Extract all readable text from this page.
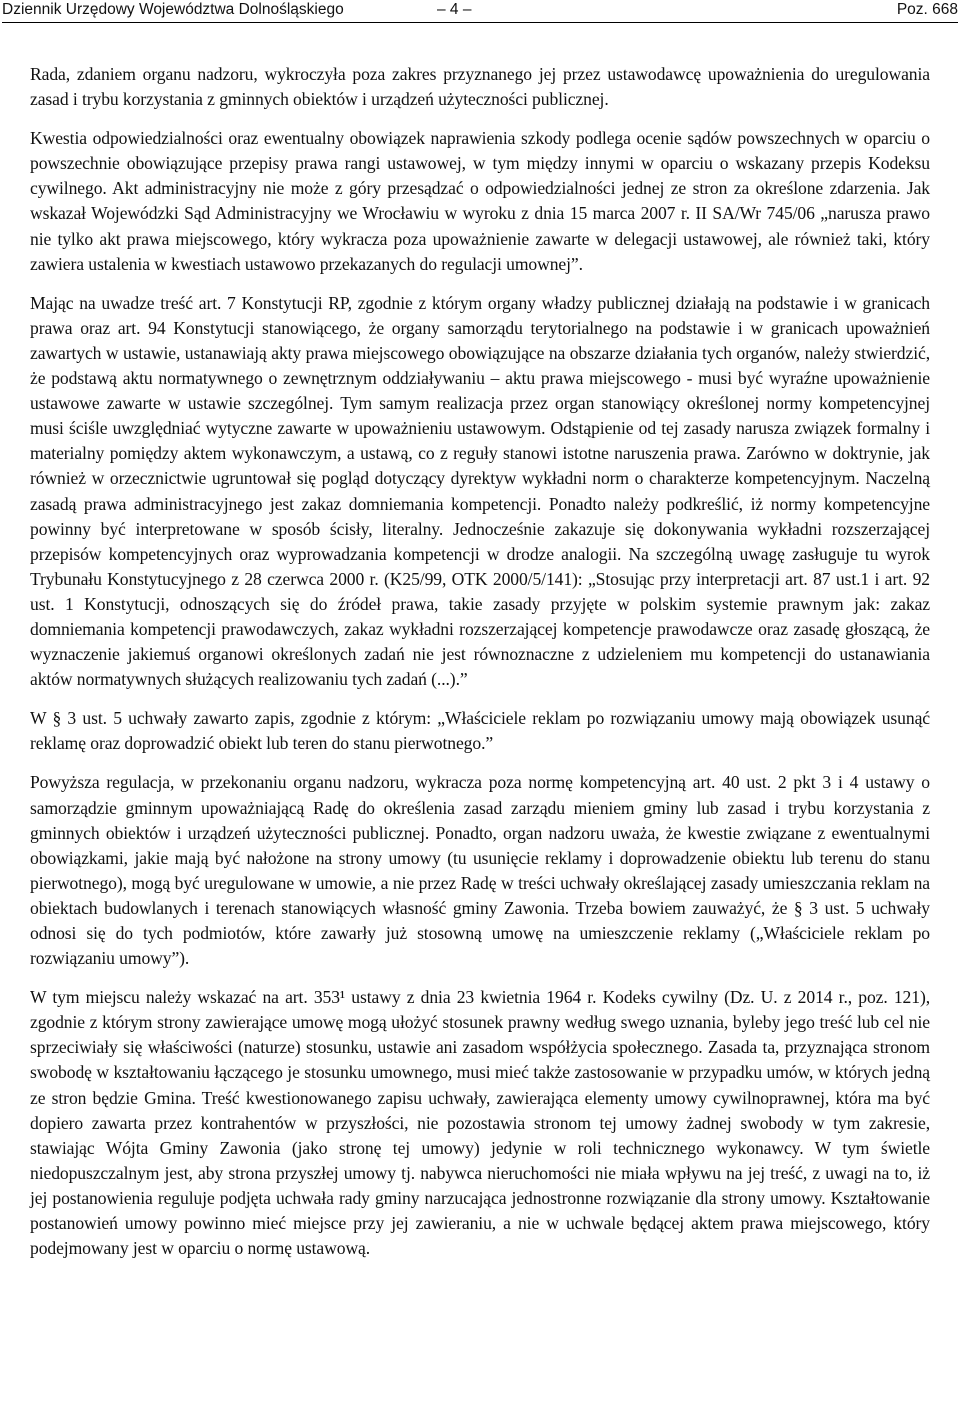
Dziennik Urzędowy Województwa Dolnośląskiego	– 4 –	Poz. 668

Rada, zdaniem organu nadzoru, wykroczyła poza zakres przyznanego jej przez ustawodawcę upoważnienia do uregulowania zasad i trybu korzystania z gminnych obiektów i urządzeń użyteczności publicznej.

Kwestia odpowiedzialności oraz ewentualny obowiązek naprawienia szkody podlega ocenie sądów powszechnych w oparciu o powszechnie obowiązujące przepisy prawa rangi ustawowej, w tym między innymi w oparciu o wskazany przepis Kodeksu cywilnego. Akt administracyjny nie może z góry przesądzać o odpowiedzialności jednej ze stron za określone zdarzenia. Jak wskazał Wojewódzki Sąd Administracyjny we Wrocławiu w wyroku z dnia 15 marca 2007 r. II SA/Wr 745/06 „narusza prawo nie tylko akt prawa miejscowego, który wykracza poza upoważnienie zawarte w delegacji ustawowej, ale również taki, który zawiera ustalenia w kwestiach ustawowo przekazanych do regulacji umownej”.

Mając na uwadze treść art. 7 Konstytucji RP, zgodnie z którym organy władzy publicznej działają na podstawie i w granicach prawa oraz art. 94 Konstytucji stanowiącego, że organy samorządu terytorialnego na podstawie i w granicach upoważnień zawartych w ustawie, ustanawiają akty prawa miejscowego obowiązujące na obszarze działania tych organów, należy stwierdzić, że podstawą aktu normatywnego o zewnętrznym oddziaływaniu – aktu prawa miejscowego - musi być wyraźne upoważnienie ustawowe zawarte w ustawie szczególnej. Tym samym realizacja przez organ stanowiący określonej normy kompetencyjnej musi ściśle uwzględniać wytyczne zawarte w upoważnieniu ustawowym. Odstąpienie od tej zasady narusza związek formalny i materialny pomiędzy aktem wykonawczym, a ustawą, co z reguły stanowi istotne naruszenia prawa. Zarówno w doktrynie, jak również w orzecznictwie ugruntował się pogląd dotyczący dyrektyw wykładni norm o charakterze kompetencyjnym. Naczelną zasadą prawa administracyjnego jest zakaz domniemania kompetencji. Ponadto należy podkreślić, iż normy kompetencyjne powinny być interpretowane w sposób ścisły, literalny. Jednocześnie zakazuje się dokonywania wykładni rozszerzającej przepisów kompetencyjnych oraz wyprowadzania kompetencji w drodze analogii. Na szczególną uwagę zasługuje tu wyrok Trybunału Konstytucyjnego z 28 czerwca 2000 r. (K25/99, OTK 2000/5/141): „Stosując przy interpretacji art. 87 ust.1 i art. 92 ust. 1 Konstytucji, odnoszących się do źródeł prawa, takie zasady przyjęte w polskim systemie prawnym jak: zakaz domniemania kompetencji prawodawczych, zakaz wykładni rozszerzającej kompetencje prawodawcze oraz zasadę głoszącą, że wyznaczenie jakiemuś organowi określonych zadań nie jest równoznaczne z udzieleniem mu kompetencji do ustanawiania aktów normatywnych służących realizowaniu tych zadań (...).”

W § 3 ust. 5 uchwały zawarto zapis, zgodnie z którym: „Właściciele reklam po rozwiązaniu umowy mają obowiązek usunąć reklamę oraz doprowadzić obiekt lub teren do stanu pierwotnego.”

Powyższa regulacja, w przekonaniu organu nadzoru, wykracza poza normę kompetencyjną art. 40 ust. 2 pkt 3 i 4 ustawy o samorządzie gminnym upoważniającą Radę do określenia zasad zarządu mieniem gminy lub zasad i trybu korzystania z gminnych obiektów i urządzeń użyteczności publicznej. Ponadto, organ nadzoru uważa, że kwestie związane z ewentualnymi obowiązkami, jakie mają być nałożone na strony umowy (tu usunięcie reklamy i doprowadzenie obiektu lub terenu do stanu pierwotnego), mogą być uregulowane w umowie, a nie przez Radę w treści uchwały określającej zasady umieszczania reklam na obiektach budowlanych i terenach stanowiących własność gminy Zawonia. Trzeba bowiem zauważyć, że § 3 ust. 5 uchwały odnosi się do tych podmiotów, które zawarły już stosowną umowę na umieszczenie reklamy („Właściciele reklam po rozwiązaniu umowy”).

W tym miejscu należy wskazać na art. 353¹ ustawy z dnia 23 kwietnia 1964 r. Kodeks cywilny (Dz. U. z 2014 r., poz. 121), zgodnie z którym strony zawierające umowę mogą ułożyć stosunek prawny według swego uznania, byleby jego treść lub cel nie sprzeciwiały się właściwości (naturze) stosunku, ustawie ani zasadom współżycia społecznego. Zasada ta, przyznająca stronom swobodę w kształtowaniu łączącego je stosunku umownego, musi mieć także zastosowanie w przypadku umów, w których jedną ze stron będzie Gmina. Treść kwestionowanego zapisu uchwały, zawierająca elementy umowy cywilnoprawnej, która ma być dopiero zawarta przez kontrahentów w przyszłości, nie pozostawia stronom tej umowy żadnej swobody w tym zakresie, stawiając Wójta Gminy Zawonia (jako stronę tej umowy) jedynie w roli technicznego wykonawcy. W tym świetle niedopuszczalnym jest, aby strona przyszłej umowy tj. nabywca nieruchomości nie miała wpływu na jej treść, z uwagi na to, iż jej postanowienia reguluje podjęta uchwała rady gminy narzucająca jednostronne rozwiązanie dla strony umowy. Kształtowanie postanowień umowy powinno mieć miejsce przy jej zawieraniu, a nie w uchwale będącej aktem prawa miejscowego, który podejmowany jest w oparciu o normę ustawową.
